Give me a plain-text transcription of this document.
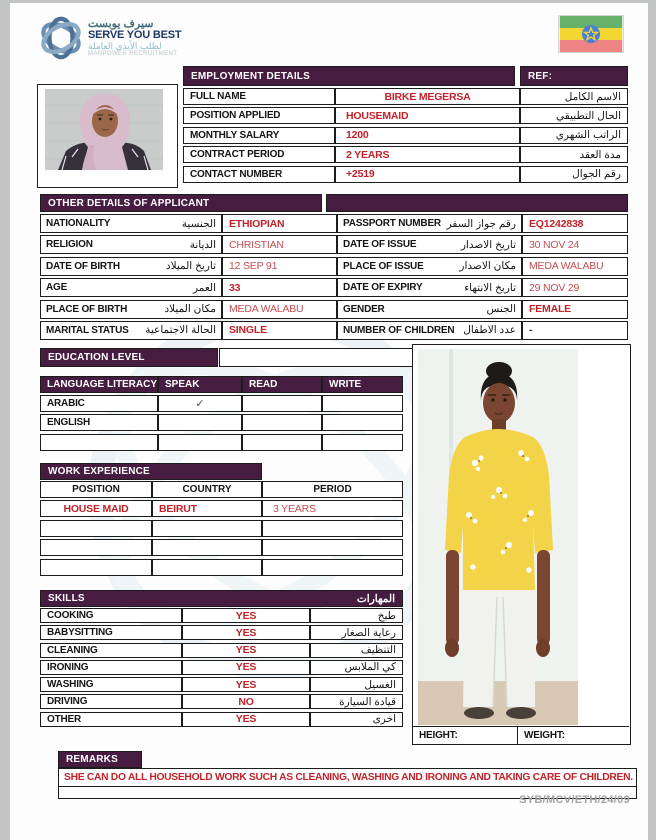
سيرف يوبست
SERVE YOU BEST
لطلب الأيدي العاملة
MANPOWER RECRUITMENT
EMPLOYMENT DETAILS	REF:
FULL NAME	BIRKE MEGERSA	الاسم الكامل
POSITION APPLIED	HOUSEMAID	الحال التطبيقي
MONTHLY SALARY	1200	الراتب الشهري
CONTRACT PERIOD	2 YEARS	مدة العقد
CONTACT NUMBER	+2519	رقم الجوال
OTHER DETAILS OF APPLICANT
NATIONALITY	الجنسية ETHIOPIAN	PASSPORT NUMBER رقم جواز السفر EQ1242838
RELIGION	الديانة CHRISTIAN	DATE OF ISSUE	تاريخ الاصدار 30 NOV 24
DATE OF BIRTH	تاريخ الميلاد 12 SEP 91	PLACE OF ISSUE	مكان الاصدار MEDA WALABU
AGE	العمر 33	DATE OF EXPIRY	تاريخ الانتهاء 29 NOV 29
PLACE OF BIRTH	مكان الميلاد MEDA WALABU	GENDER	الجنس FEMALE
MARITAL STATUS الحالة الاجتماعية SINGLE	NUMBER OF CHILDREN عدد الاطفال -
EDUCATION LEVEL
LANGUAGE LITERACY SPEAK	READ	WRITE
ARABIC	✓
ENGLISH
WORK EXPERIENCE
POSITION	COUNTRY	PERIOD
HOUSE MAID	BEIRUT	3 YEARS
SKILLS	المهارات
COOKING	YES	طبخ
BABYSITTING	YES	رعاية الصغار
CLEANING	YES	التنظيف
IRONING	YES	كي الملابس
WASHING	YES	الغسيل
DRIVING	NO	قيادة السيارة
OTHER	YES	اخرى
HEIGHT:	WEIGHT:
REMARKS
SHE CAN DO ALL HOUSEHOLD WORK SUCH AS CLEANING, WASHING AND IRONING AND TAKING CARE OF CHILDREN.
SYB/MCV/ETH/24/09
